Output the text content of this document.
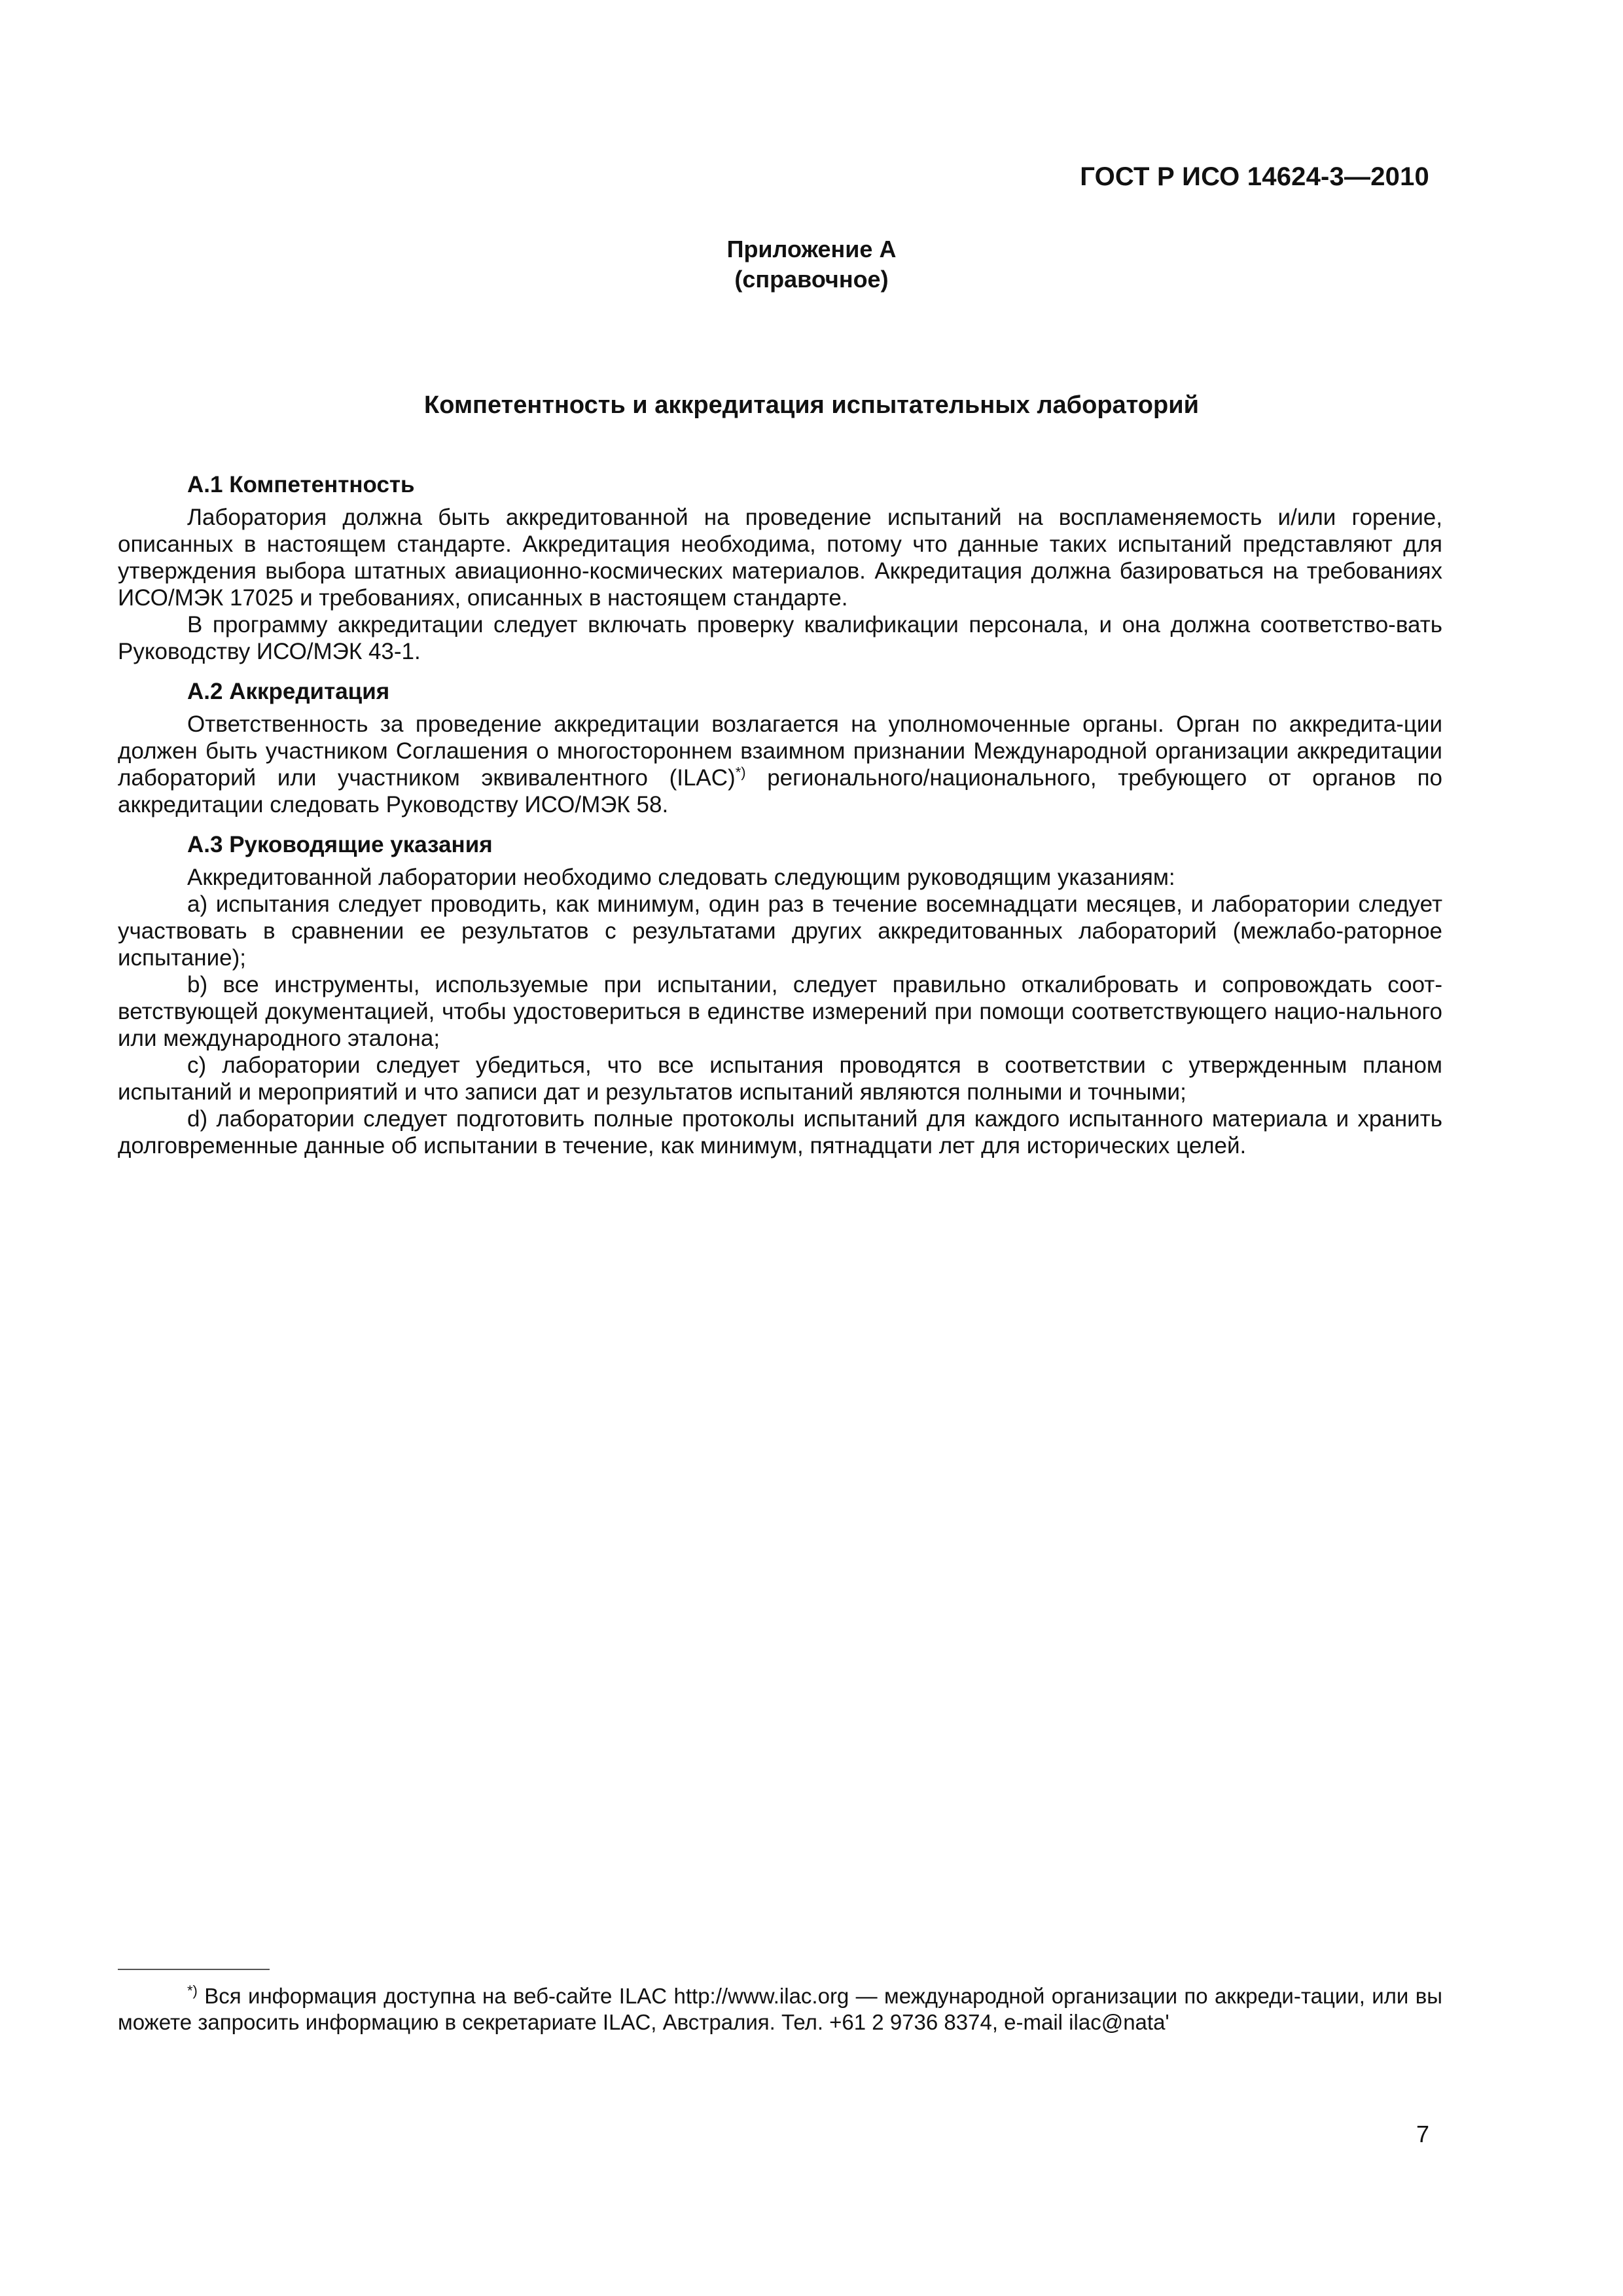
ГОСТ Р ИСО 14624-3—2010
Приложение А
(справочное)
Компетентность и аккредитация испытательных лабораторий
А.1 Компетентность

Лаборатория должна быть аккредитованной на проведение испытаний на воспламеняемость и/или горение, описанных в настоящем стандарте. Аккредитация необходима, потому что данные таких испытаний представляют для утверждения выбора штатных авиационно-космических материалов. Аккредитация должна базироваться на требованиях ИСО/МЭК 17025 и требованиях, описанных в настоящем стандарте.

В программу аккредитации следует включать проверку квалификации персонала, и она должна соответство-вать Руководству ИСО/МЭК 43-1.

А.2 Аккредитация

Ответственность за проведение аккредитации возлагается на уполномоченные органы. Орган по аккредита-ции должен быть участником Соглашения о многостороннем взаимном признании Международной организации аккредитации лабораторий или участником эквивалентного (ILAC)*) регионального/национального, требующего от органов по аккредитации следовать Руководству ИСО/МЭК 58.

А.3 Руководящие указания

Аккредитованной лаборатории необходимо следовать следующим руководящим указаниям:

а) испытания следует проводить, как минимум, один раз в течение восемнадцати месяцев, и лаборатории следует участвовать в сравнении ее результатов с результатами других аккредитованных лабораторий (межлабо-раторное испытание);

b) все инструменты, используемые при испытании, следует правильно откалибровать и сопровождать соот-ветствующей документацией, чтобы удостовериться в единстве измерений при помощи соответствующего нацио-нального или международного эталона;

с) лаборатории следует убедиться, что все испытания проводятся в соответствии с утвержденным планом испытаний и мероприятий и что записи дат и результатов испытаний являются полными и точными;

d) лаборатории следует подготовить полные протоколы испытаний для каждого испытанного материала и хранить долговременные данные об испытании в течение, как минимум, пятнадцати лет для исторических целей.

*) Вся информация доступна на веб-сайте ILAC http://www.ilac.org — международной организации по аккреди-тации, или вы можете запросить информацию в секретариате ILAC, Австралия. Тел. +61 2 9736 8374, e-mail ilac@nata'
7
